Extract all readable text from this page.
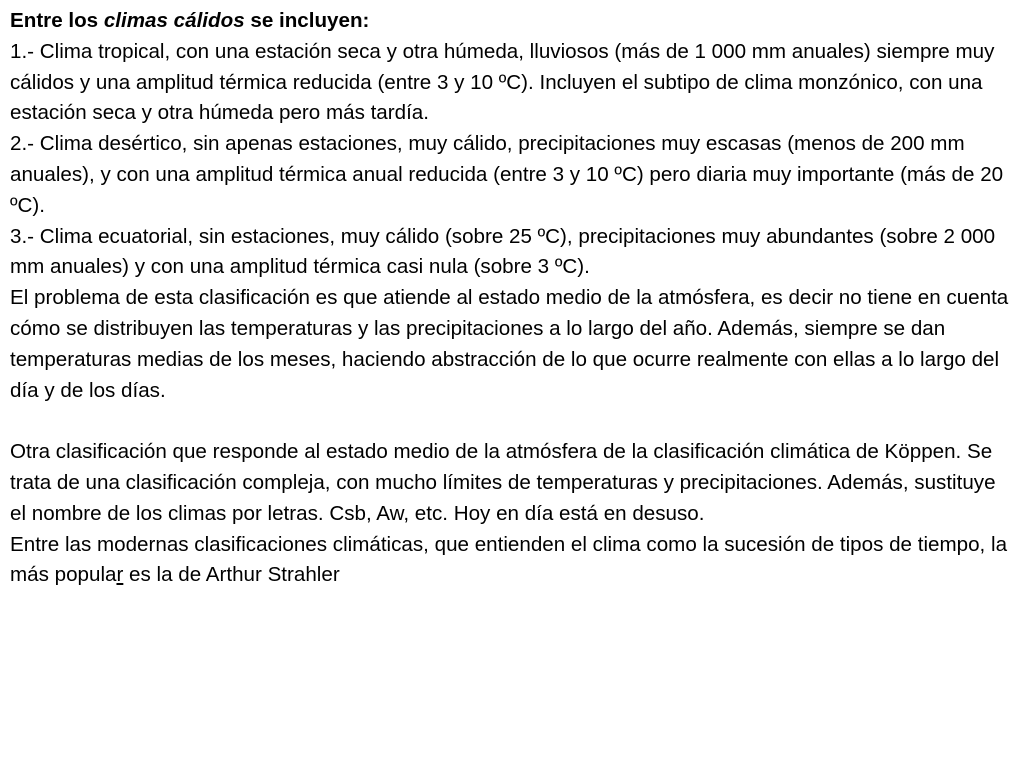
Entre los climas cálidos se incluyen:

1.- Clima tropical, con una estación seca y otra húmeda, lluviosos (más de 1 000 mm anuales) siempre muy cálidos y una amplitud térmica reducida (entre 3 y 10 ºC). Incluyen el subtipo de clima monzónico, con una estación seca y otra húmeda pero más tardía.

2.- Clima desértico, sin apenas estaciones, muy cálido, precipitaciones muy escasas (menos de 200 mm anuales), y con una amplitud térmica anual reducida (entre 3 y 10 ºC) pero diaria muy importante (más de 20 ºC).

3.- Clima ecuatorial, sin estaciones, muy cálido (sobre 25 ºC), precipitaciones muy abundantes (sobre 2 000 mm anuales) y con una amplitud térmica casi nula (sobre 3 ºC).

El problema de esta clasificación es que atiende al estado medio de la atmósfera, es decir no tiene en cuenta cómo se distribuyen las temperaturas y las precipitaciones a lo largo del año. Además, siempre se dan temperaturas medias de los meses, haciendo abstracción de lo que ocurre realmente con ellas a lo largo del día y de los días.

Otra clasificación que responde al estado medio de la atmósfera de la clasificación climática de Köppen. Se trata de una clasificación compleja, con mucho límites de temperaturas y precipitaciones. Además, sustituye el nombre de los climas por letras. Csb, Aw, etc. Hoy en día está en desuso.

Entre las modernas clasificaciones climáticas, que entienden el clima como la sucesión de tipos de tiempo, la más popular es la de Arthur Strahler
